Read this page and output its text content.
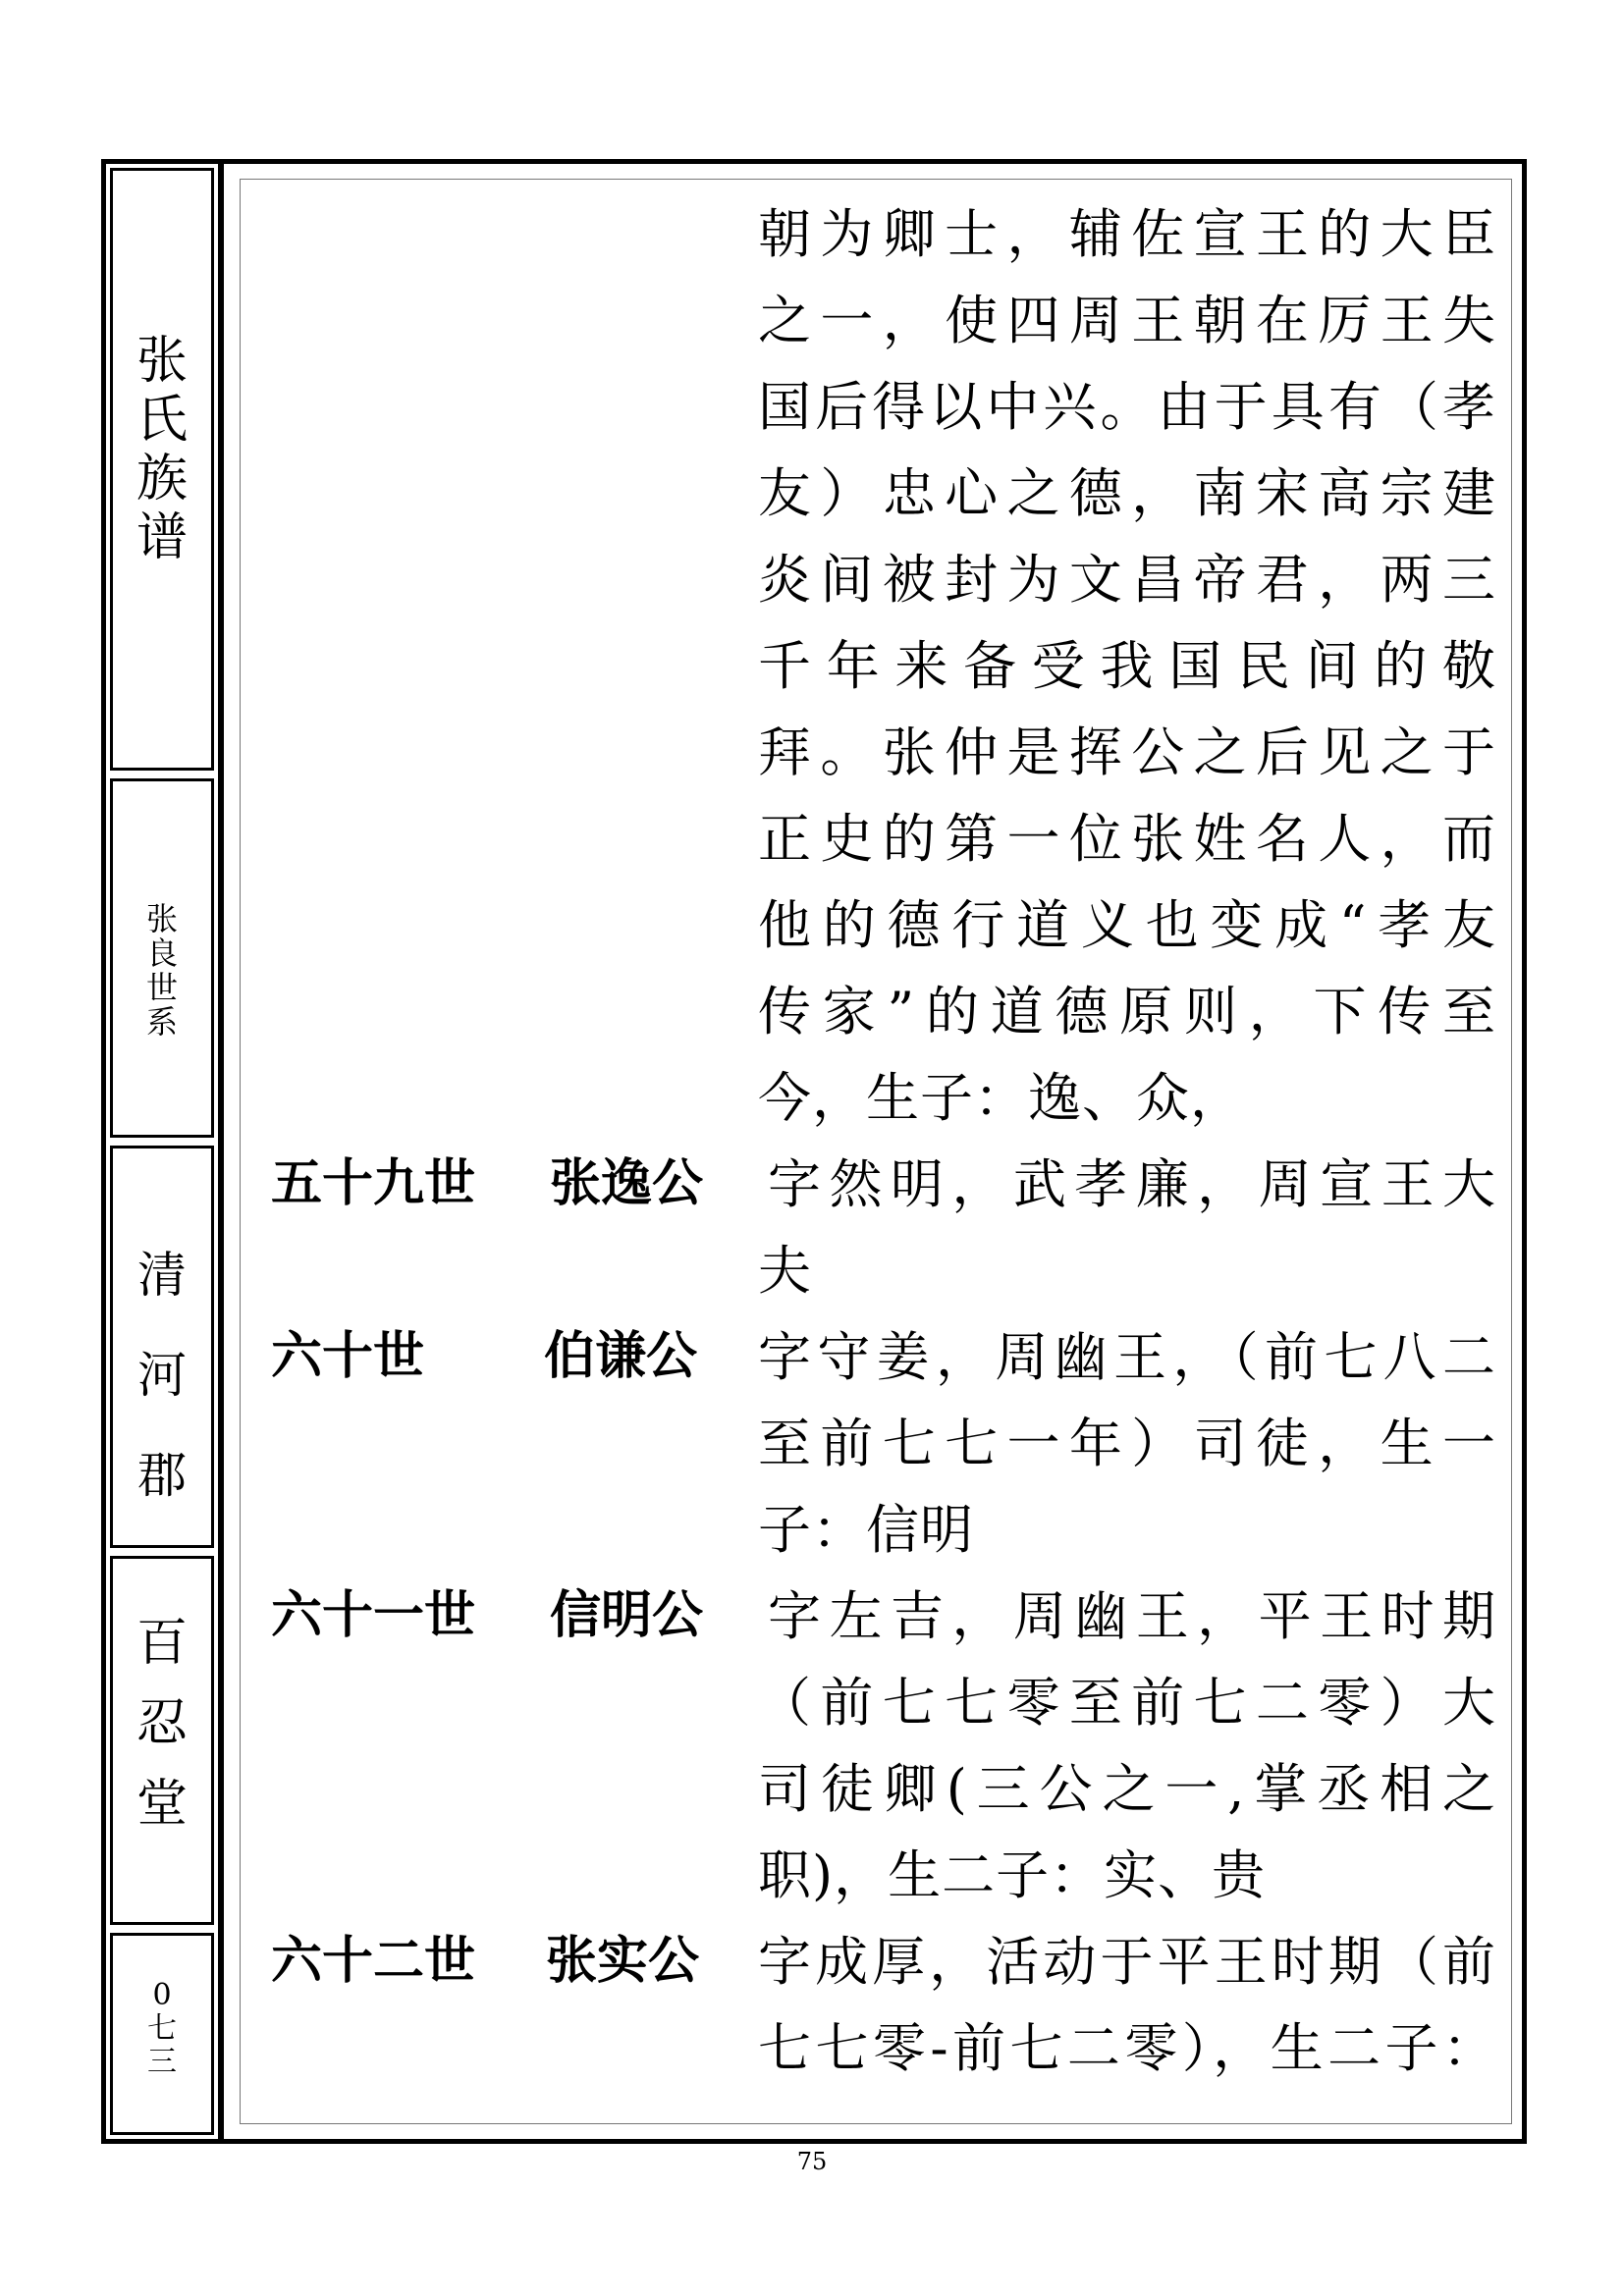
张
氏
族
谱
张
良
世
系
清
河
郡
百
忍
堂
0
七
三
朝为卿士，辅佐宣王的大臣
之一，使四周王朝在厉王失
国后得以中兴。由于具有（孝
友）忠心之德，南宋高宗建
炎间被封为文昌帝君，两三
千年来备受我国民间的敬
拜。张仲是挥公之后见之于
正史的第一位张姓名人，而
他的德行道义也变成“孝友
传家”的道德原则，下传至
今，生子：逸、众，
五十九世 张逸公 字然明，武孝廉，周宣王大
夫
六十世 伯谦公 字守姜，周幽王，（前七八二
至前七七一年）司徒，生一
子：信明
六十一世 信明公 字左吉，周幽王，平王时期
（前七七零至前七二零）大
司徒卿(三公之一,掌丞相之
职)，生二子：实、贵
六十二世 张实公 字成厚，活动于平王时期（前
七七零-前七二零），生二子：
75
